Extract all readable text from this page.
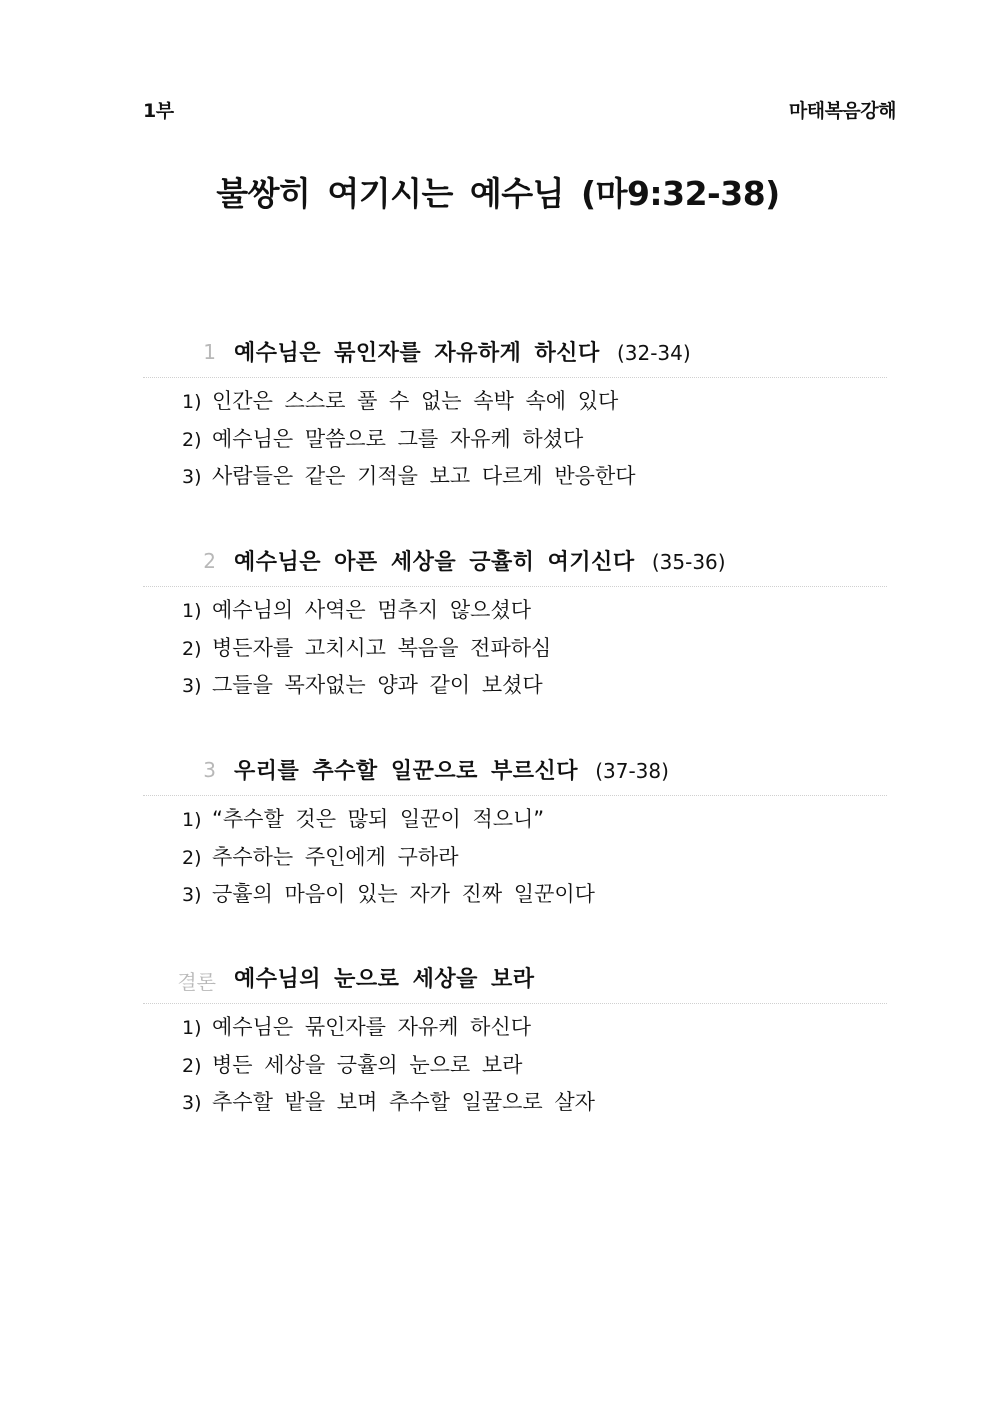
1부	마태복음강해
불쌍히 여기시는 예수님 (마9:32-38)
1 예수님은 묶인자를 자유하게 하신다 (32-34)
1) 인간은 스스로 풀 수 없는 속박 속에 있다
2) 예수님은 말씀으로 그를 자유케 하셨다
3) 사람들은 같은 기적을 보고 다르게 반응한다
2 예수님은 아픈 세상을 긍휼히 여기신다 (35-36)
1) 예수님의 사역은 멈추지 않으셨다
2) 병든자를 고치시고 복음을 전파하심
3) 그들을 목자없는 양과 같이 보셨다
3 우리를 추수할 일꾼으로 부르신다 (37-38)
1) “추수할 것은 많되 일꾼이 적으니”
2) 추수하는 주인에게 구하라
3) 긍휼의 마음이 있는 자가 진짜 일꾼이다
결론 예수님의 눈으로 세상을 보라
1) 예수님은 묶인자를 자유케 하신다
2) 병든 세상을 긍휼의 눈으로 보라
3) 추수할 밭을 보며 추수할 일꿀으로 살자
